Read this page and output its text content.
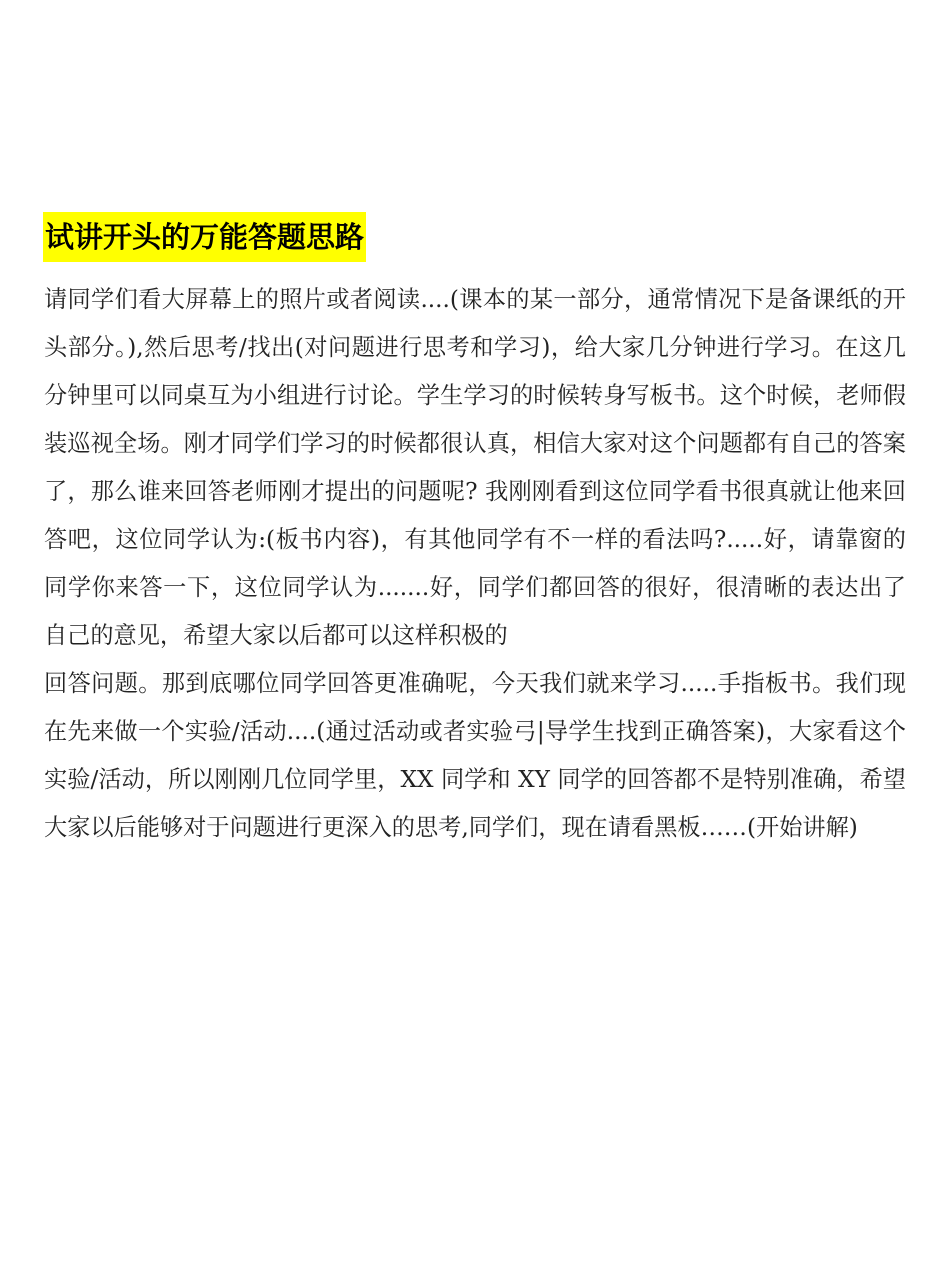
试讲开头的万能答题思路

请同学们看大屏幕上的照片或者阅读....(课本的某一部分，通常情况下是备课纸的开头部分。),然后思考/找出(对问题进行思考和学习)，给大家几分钟进行学习。在这几分钟里可以同桌互为小组进行讨论。学生学习的时候转身写板书。这个时候，老师假装巡视全场。刚才同学们学习的时候都很认真，相信大家对这个问题都有自己的答案了，那么谁来回答老师刚才提出的问题呢? 我刚刚看到这位同学看书很真就让他来回答吧，这位同学认为:(板书内容)，有其他同学有不一样的看法吗?.....好，请靠窗的同学你来答一下，这位同学认为.......好，同学们都回答的很好，很清晰的表达出了自己的意见，希望大家以后都可以这样积极的

回答问题。那到底哪位同学回答更准确呢，今天我们就来学习.....手指板书。我们现在先来做一个实验/活动....(通过活动或者实验弓|导学生找到正确答案)，大家看这个实验/活动，所以刚刚几位同学里，XX 同学和 XY 同学的回答都不是特别准确，希望大家以后能够对于问题进行更深入的思考,同学们，现在请看黑板……(开始讲解)
